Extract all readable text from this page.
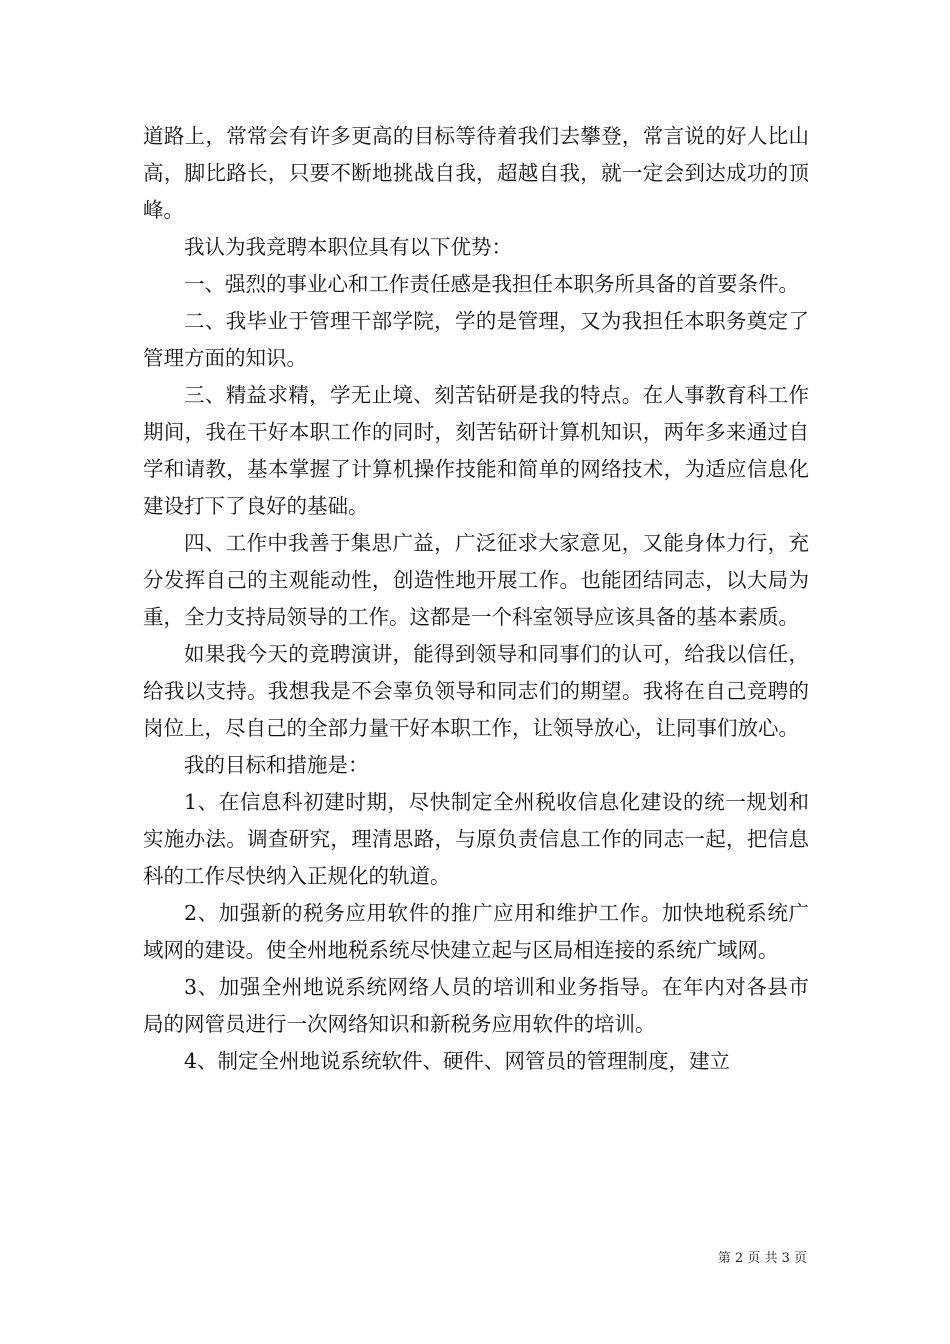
道路上，常常会有许多更高的目标等待着我们去攀登，常言说的好人比山高，脚比路长，只要不断地挑战自我，超越自我，就一定会到达成功的顶峰。

我认为我竞聘本职位具有以下优势：

一、强烈的事业心和工作责任感是我担任本职务所具备的首要条件。

二、我毕业于管理干部学院，学的是管理，又为我担任本职务奠定了管理方面的知识。

三、精益求精，学无止境、刻苦钻研是我的特点。在人事教育科工作期间，我在干好本职工作的同时，刻苦钻研计算机知识，两年多来通过自学和请教，基本掌握了计算机操作技能和简单的网络技术，为适应信息化建设打下了良好的基础。

四、工作中我善于集思广益，广泛征求大家意见，又能身体力行，充分发挥自己的主观能动性，创造性地开展工作。也能团结同志，以大局为重，全力支持局领导的工作。这都是一个科室领导应该具备的基本素质。

如果我今天的竞聘演讲，能得到领导和同事们的认可，给我以信任，给我以支持。我想我是不会辜负领导和同志们的期望。我将在自己竞聘的岗位上，尽自己的全部力量干好本职工作，让领导放心，让同事们放心。

我的目标和措施是：

1、在信息科初建时期，尽快制定全州税收信息化建设的统一规划和实施办法。调查研究，理清思路，与原负责信息工作的同志一起，把信息科的工作尽快纳入正规化的轨道。

2、加强新的税务应用软件的推广应用和维护工作。加快地税系统广域网的建设。使全州地税系统尽快建立起与区局相连接的系统广域网。

3、加强全州地说系统网络人员的培训和业务指导。在年内对各县市局的网管员进行一次网络知识和新税务应用软件的培训。

4、制定全州地说系统软件、硬件、网管员的管理制度，建立

第 2 页 共 3 页
